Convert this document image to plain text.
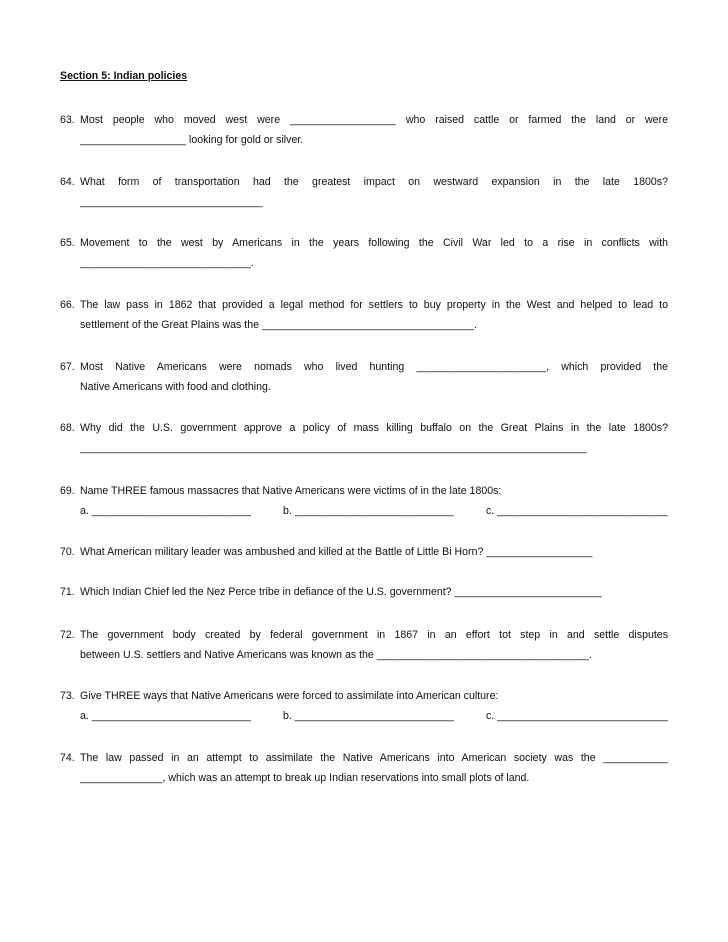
Section 5: Indian policies
63. Most people who moved west were __________________ who raised cattle or farmed the land or were
__________________ looking for gold or silver.
64. What form of transportation had the greatest impact on westward expansion in the late 1800s?
_______________________________
65. Movement to the west by Americans in the years following the Civil War led to a rise in conflicts with
_____________________________.
66. The law pass in 1862 that provided a legal method for settlers to buy property in the West and helped to lead to
settlement of the Great Plains was the ____________________________________.
67. Most Native Americans were nomads who lived hunting ______________________, which provided the
Native Americans with food and clothing.
68. Why did the U.S. government approve a policy of mass killing buffalo on the Great Plains in the late 1800s?
______________________________________________________________________________________
69. Name THREE famous massacres that Native Americans were victims of in the late 1800s:
a. ___________________________	b. ___________________________	c. _____________________________
70. What American military leader was ambushed and killed at the Battle of Little Bi Horn? __________________
71. Which Indian Chief led the Nez Perce tribe in defiance of the U.S. government? _________________________
72. The government body created by federal government in 1867 in an effort tot step in and settle disputes
between U.S. settlers and Native Americans was known as the ____________________________________.
73. Give THREE ways that Native Americans were forced to assimilate into American culture:
a. ___________________________	b. ___________________________	c. _____________________________
74. The law passed in an attempt to assimilate the Native Americans into American society was the ___________
______________, which was an attempt to break up Indian reservations into small plots of land.
